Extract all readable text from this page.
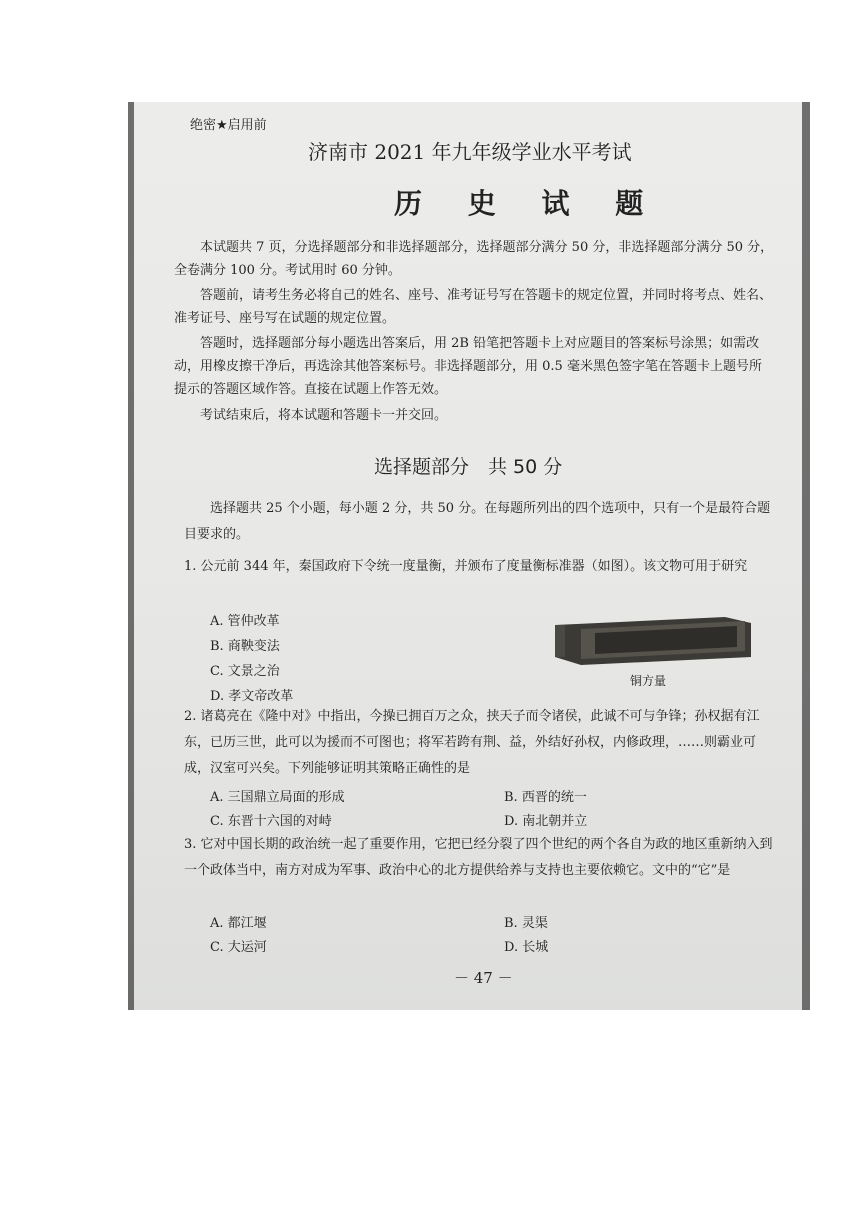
绝密★启用前
济南市 2021 年九年级学业水平考试
历 史 试 题
本试题共 7 页，分选择题部分和非选择题部分，选择题部分满分 50 分，非选择题部分满分 50 分，全卷满分 100 分。考试用时 60 分钟。
答题前，请考生务必将自己的姓名、座号、准考证号写在答题卡的规定位置，并同时将考点、姓名、准考证号、座号写在试题的规定位置。
答题时，选择题部分每小题选出答案后，用 2B 铅笔把答题卡上对应题目的答案标号涂黑；如需改动，用橡皮擦干净后，再选涂其他答案标号。非选择题部分，用 0.5 毫米黑色签字笔在答题卡上题号所提示的答题区域作答。直接在试题上作答无效。
考试结束后，将本试题和答题卡一并交回。
选择题部分　共 50 分
选择题共 25 个小题，每小题 2 分，共 50 分。在每题所列出的四个选项中，只有一个是最符合题目要求的。
1. 公元前 344 年，秦国政府下令统一度量衡，并颁布了度量衡标准器（如图）。该文物可用于研究
A. 管仲改革
B. 商鞅变法
C. 文景之治
D. 孝文帝改革
铜方量
2. 诸葛亮在《隆中对》中指出，今操已拥百万之众，挟天子而令诸侯，此诚不可与争锋；孙权据有江东，已历三世，此可以为援而不可图也；将军若跨有荆、益，外结好孙权，内修政理，……则霸业可成，汉室可兴矣。下列能够证明其策略正确性的是
A. 三国鼎立局面的形成	B. 西晋的统一
C. 东晋十六国的对峙	D. 南北朝并立
3. 它对中国长期的政治统一起了重要作用，它把已经分裂了四个世纪的两个各自为政的地区重新纳入到一个政体当中，南方对成为军事、政治中心的北方提供给养与支持也主要依赖它。文中的“它”是
A. 都江堰	B. 灵渠
C. 大运河	D. 长城
－ 47 －
